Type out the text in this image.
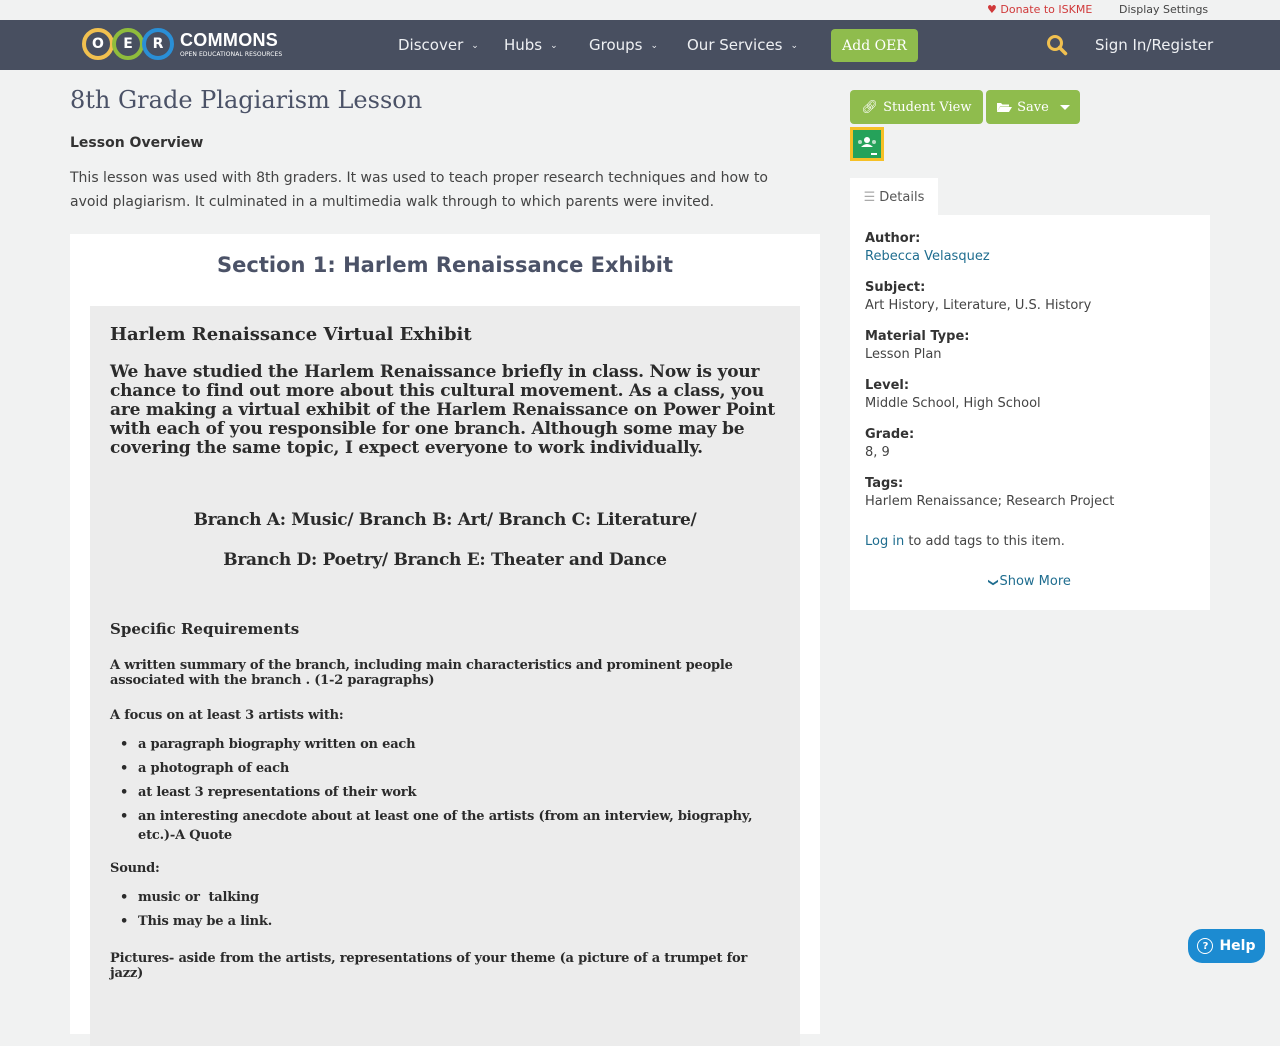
♥ Donate to ISKME Display Settings
O	E	R COMMONS
OPEN EDUCATIONAL RESOURCES	Discover ⌄ Hubs ⌄ Groups ⌄ Our Services ⌄	Add OER	Sign In/Register
8th Grade Plagiarism Lesson
Lesson Overview

This lesson was used with 8th graders. It was used to teach proper research techniques and how to avoid plagiarism. It culminated in a multimedia walk through to which parents were invited.

Section 1: Harlem Renaissance Exhibit
Harlem Renaissance Virtual Exhibit
We have studied the Harlem Renaissance briefly in class. Now is your chance to find out more about this cultural movement. As a class, you are making a virtual exhibit of the Harlem Renaissance on Power Point with each of you responsible for one branch. Although some may be covering the same topic, I expect everyone to work individually.
Branch A: Music/ Branch B: Art/ Branch C: Literature/
Branch D: Poetry/ Branch E: Theater and Dance
Specific Requirements
A written summary of the branch, including main characteristics and prominent people  associated with the branch . (1-2 paragraphs)
A focus on at least 3 artists with:
• a paragraph biography written on each
• a photograph of each
• at least 3 representations of their work
• an interesting anecdote about at least one of the artists (from an interview, biography, etc.)-A Quote
Sound:
• music or  talking
• This may be a link.
Pictures- aside from the artists, representations of your theme (a picture of a trumpet for jazz)
🔗︎ Student View	Save
☰ Details
Author:
Rebecca Velasquez
Subject:
Art History, Literature, U.S. History
Material Type:
Lesson Plan
Level:
Middle School, High School
Grade:
8, 9
Tags:
Harlem Renaissance; Research Project
Log in to add tags to this item.
❯Show More
? Help
